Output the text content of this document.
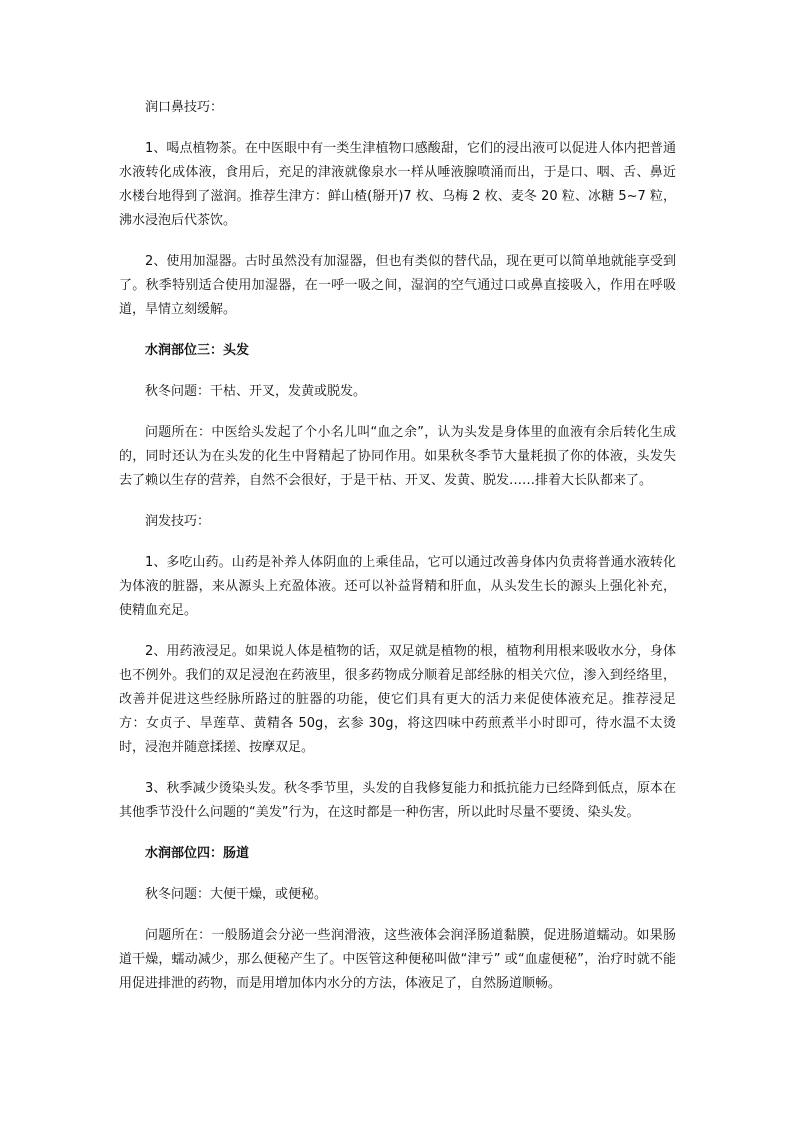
润口鼻技巧：

1、喝点植物茶。在中医眼中有一类生津植物口感酸甜，它们的浸出液可以促进人体内把普通水液转化成体液，食用后，充足的津液就像泉水一样从唾液腺喷涌而出，于是口、咽、舌、鼻近水楼台地得到了滋润。推荐生津方：鲜山楂(掰开)7 枚、乌梅 2 枚、麦冬 20 粒、冰糖 5~7 粒，沸水浸泡后代茶饮。

2、使用加湿器。古时虽然没有加湿器，但也有类似的替代品，现在更可以简单地就能享受到了。秋季特别适合使用加湿器，在一呼一吸之间，湿润的空气通过口或鼻直接吸入，作用在呼吸道，旱情立刻缓解。

水润部位三：头发

秋冬问题：干枯、开叉，发黄或脱发。

问题所在：中医给头发起了个小名儿叫“血之余”，认为头发是身体里的血液有余后转化生成的，同时还认为在头发的化生中肾精起了协同作用。如果秋冬季节大量耗损了你的体液，头发失去了赖以生存的营养，自然不会很好，于是干枯、开叉、发黄、脱发……排着大长队都来了。

润发技巧：

1、多吃山药。山药是补养人体阴血的上乘佳品，它可以通过改善身体内负责将普通水液转化为体液的脏器，来从源头上充盈体液。还可以补益肾精和肝血，从头发生长的源头上强化补充，使精血充足。

2、用药液浸足。如果说人体是植物的话，双足就是植物的根，植物利用根来吸收水分，身体也不例外。我们的双足浸泡在药液里，很多药物成分顺着足部经脉的相关穴位，渗入到经络里，改善并促进这些经脉所路过的脏器的功能，使它们具有更大的活力来促使体液充足。推荐浸足方：女贞子、旱莲草、黄精各 50g，玄参 30g，将这四味中药煎煮半小时即可，待水温不太烫时，浸泡并随意揉搓、按摩双足。

3、秋季减少烫染头发。秋冬季节里，头发的自我修复能力和抵抗能力已经降到低点，原本在其他季节没什么问题的“美发”行为，在这时都是一种伤害，所以此时尽量不要烫、染头发。

水润部位四：肠道

秋冬问题：大便干燥，或便秘。

问题所在：一般肠道会分泌一些润滑液，这些液体会润泽肠道黏膜，促进肠道蠕动。如果肠道干燥，蠕动减少，那么便秘产生了。中医管这种便秘叫做“津亏” 或“血虚便秘”，治疗时就不能用促进排泄的药物，而是用增加体内水分的方法，体液足了，自然肠道顺畅。
